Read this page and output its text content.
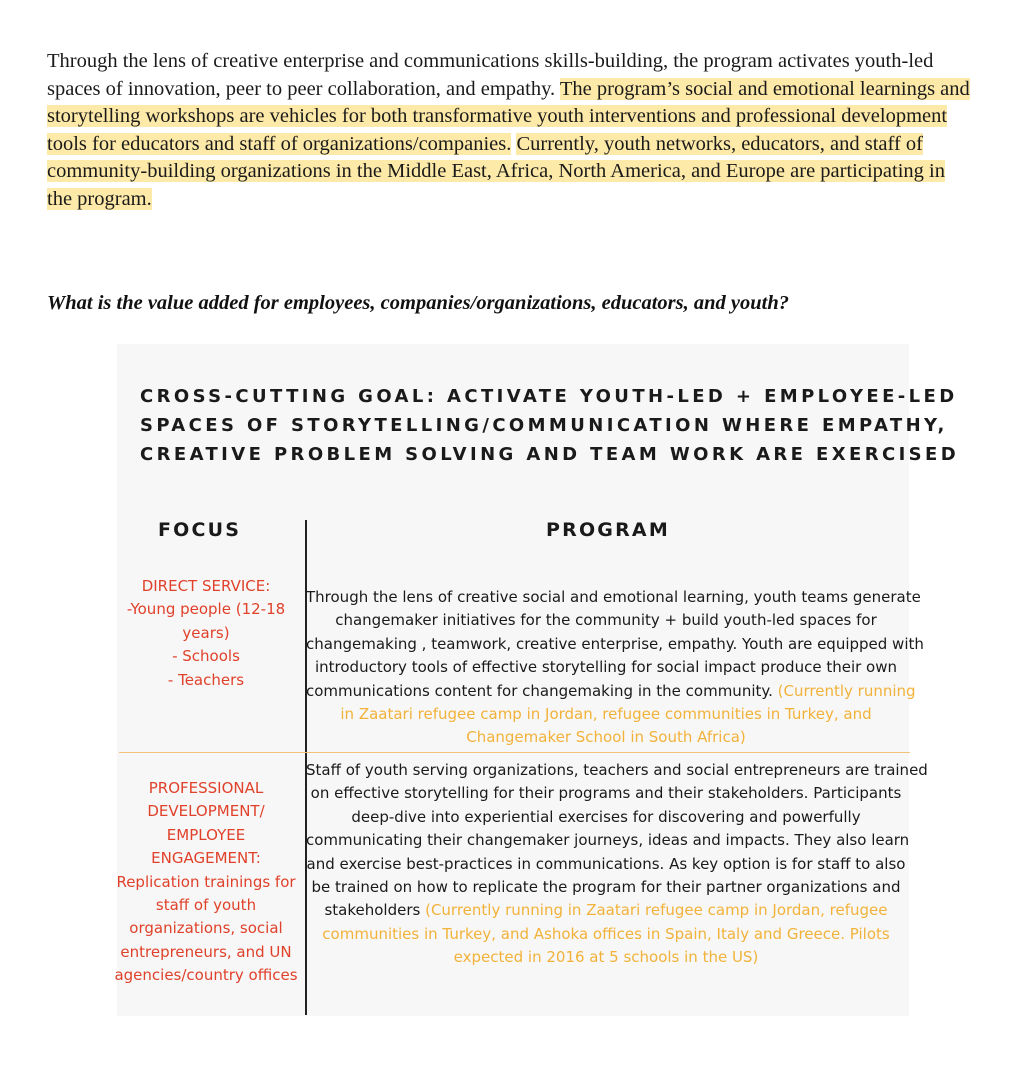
Through the lens of creative enterprise and communications skills-building, the program activates youth-led spaces of innovation, peer to peer collaboration, and empathy. The program’s social and emotional learnings and storytelling workshops are vehicles for both transformative youth interventions and professional development tools for educators and staff of organizations/companies. Currently, youth networks, educators, and staff of community-building organizations in the Middle East, Africa, North America, and Europe are participating in the program.
What is the value added for employees, companies/organizations, educators, and youth?
CROSS-CUTTING GOAL: ACTIVATE YOUTH-LED + EMPLOYEE-LED
SPACES OF STORYTELLING/COMMUNICATION WHERE EMPATHY,
CREATIVE PROBLEM SOLVING AND TEAM WORK ARE EXERCISED
FOCUS	PROGRAM
DIRECT SERVICE:
-Young people (12-18
years)
- Schools
- Teachers
Through the lens of creative social and emotional learning, youth teams generate
changemaker initiatives for the community + build youth-led spaces for
changemaking , teamwork, creative enterprise, empathy. Youth are equipped with
introductory tools of effective storytelling for social impact produce their own
communications content for changemaking in the community. (Currently running
in Zaatari refugee camp in Jordan, refugee communities in Turkey, and
Changemaker School in South Africa)
PROFESSIONAL
DEVELOPMENT/
EMPLOYEE
ENGAGEMENT:
Replication trainings for
staff of youth
organizations, social
entrepreneurs, and UN
agencies/country offices
Staff of youth serving organizations, teachers and social entrepreneurs are trained
on effective storytelling for their programs and their stakeholders. Participants
deep-dive into experiential exercises for discovering and powerfully
communicating their changemaker journeys, ideas and impacts. They also learn
and exercise best-practices in communications. As key option is for staff to also
be trained on how to replicate the program for their partner organizations and
stakeholders (Currently running in Zaatari refugee camp in Jordan, refugee
communities in Turkey, and Ashoka offices in Spain, Italy and Greece. Pilots
expected in 2016 at 5 schools in the US)
